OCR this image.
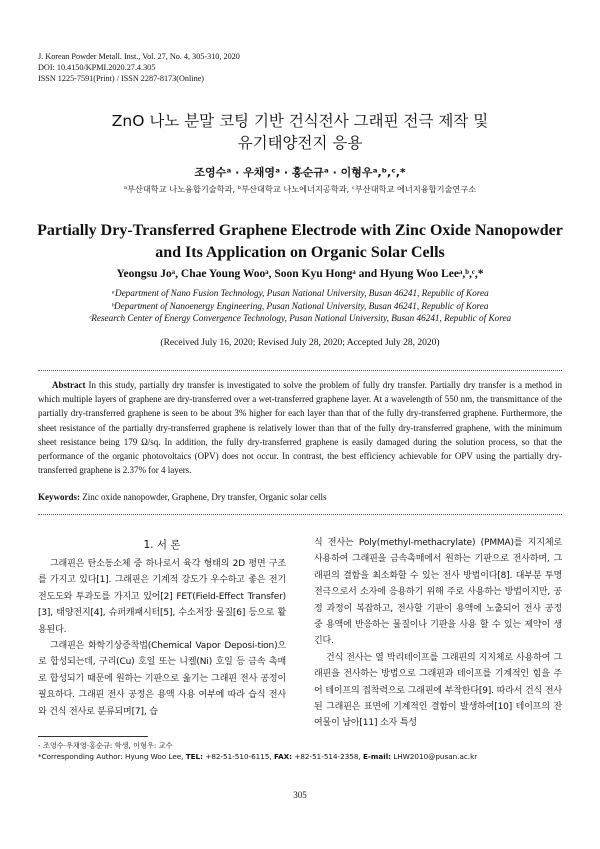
J. Korean Powder Metall. Inst., Vol. 27, No. 4, 305-310, 2020
DOI: 10.4150/KPMI.2020.27.4.305
ISSN 1225-7591(Print) / ISSN 2287-8173(Online)
ZnO 나노 분말 코팅 기반 건식전사 그래핀 전극 제작 및
유기태양전지 응용
조영수ᵃ · 우채영ᵃ · 홍순규ᵃ · 이형우ᵃ,ᵇ,ᶜ,*
ᵃ부산대학교 나노융합기술학과, ᵇ부산대학교 나노에너지공학과, ᶜ부산대학교 에너지융합기술연구소
Partially Dry-Transferred Graphene Electrode with Zinc Oxide Nanopowder
and Its Application on Organic Solar Cells
Yeongsu Joᵃ, Chae Young Wooᵃ, Soon Kyu Hongᵃ and Hyung Woo Leeᵃ,ᵇ,ᶜ,*
ᵃDepartment of Nano Fusion Technology, Pusan National University, Busan 46241, Republic of Korea
ᵇDepartment of Nanoenergy Engineering, Pusan National University, Busan 46241, Republic of Korea
ᶜResearch Center of Energy Convergence Technology, Pusan National University, Busan 46241, Republic of Korea
(Received July 16, 2020; Revised July 28, 2020; Accepted July 28, 2020)
Abstract In this study, partially dry transfer is investigated to solve the problem of fully dry transfer. Partially dry transfer is a method in which multiple layers of graphene are dry-transferred over a wet-transferred graphene layer. At a wavelength of 550 nm, the transmittance of the partially dry-transferred graphene is seen to be about 3% higher for each layer than that of the fully dry-transferred graphene. Furthermore, the sheet resistance of the partially dry-transferred graphene is relatively lower than that of the fully dry-transferred graphene, with the minimum sheet resistance being 179 Ω/sq. In addition, the fully dry-transferred graphene is easily damaged during the solution process, so that the performance of the organic photovoltaics (OPV) does not occur. In contrast, the best efficiency achievable for OPV using the partially dry-transferred graphene is 2.37% for 4 layers.
Keywords: Zinc oxide nanopowder, Graphene, Dry transfer, Organic solar cells
1. 서 론

그래핀은 탄소동소체 중 하나로서 육각 형태의 2D 평면 구조를 가지고 있다[1]. 그래핀은 기계적 강도가 우수하고 좋은 전기전도도와 투과도를 가지고 있어[2] FET(Field-Effect Transfer)[3], 태양전지[4], 슈퍼캐패시터[5], 수소저장 물질[6] 등으로 활용된다.

그래핀은 화학기상증착법(Chemical Vapor Deposi-tion)으로 합성되는데, 구리(Cu) 호일 또는 니켈(Ni) 호일 등 금속 촉매로 합성되기 때문에 원하는 기판으로 옮기는 그래핀 전사 공정이 필요하다. 그래핀 전사 공정은 용액 사용 여부에 따라 습식 전사와 건식 전사로 분류되며[7], 습

식 전사는 Poly(methyl-methacrylate) (PMMA)를 지지체로 사용하여 그래핀을 금속촉매에서 원하는 기판으로 전사하며, 그래핀의 결함을 최소화할 수 있는 전사 방법이다[8]. 대부분 투명전극으로서 소자에 응용하기 위해 주로 사용하는 방법이지만, 공정 과정이 복잡하고, 전사할 기판이 용액에 노출되어 전사 공정 중 용액에 반응하는 물질이나 기판을 사용 할 수 있는 제약이 생긴다.

건식 전사는 열 박리테이프를 그래핀의 지지체로 사용하여 그래핀을 전사하는 방법으로 그래핀과 테이프를 기계적인 힘을 주어 테이프의 접착력으로 그래핀에 부착한다[9]. 따라서 건식 전사 된 그래핀은 표면에 기계적인 결함이 발생하여[10] 테이프의 잔여물이 남아[11] 소자 특성

- 조영수·우채영·홍순규: 학생, 이형우: 교수
*Corresponding Author: Hyung Woo Lee, TEL: +82-51-510-6115, FAX: +82-51-514-2358, E-mail: LHW2010@pusan.ac.kr
305
